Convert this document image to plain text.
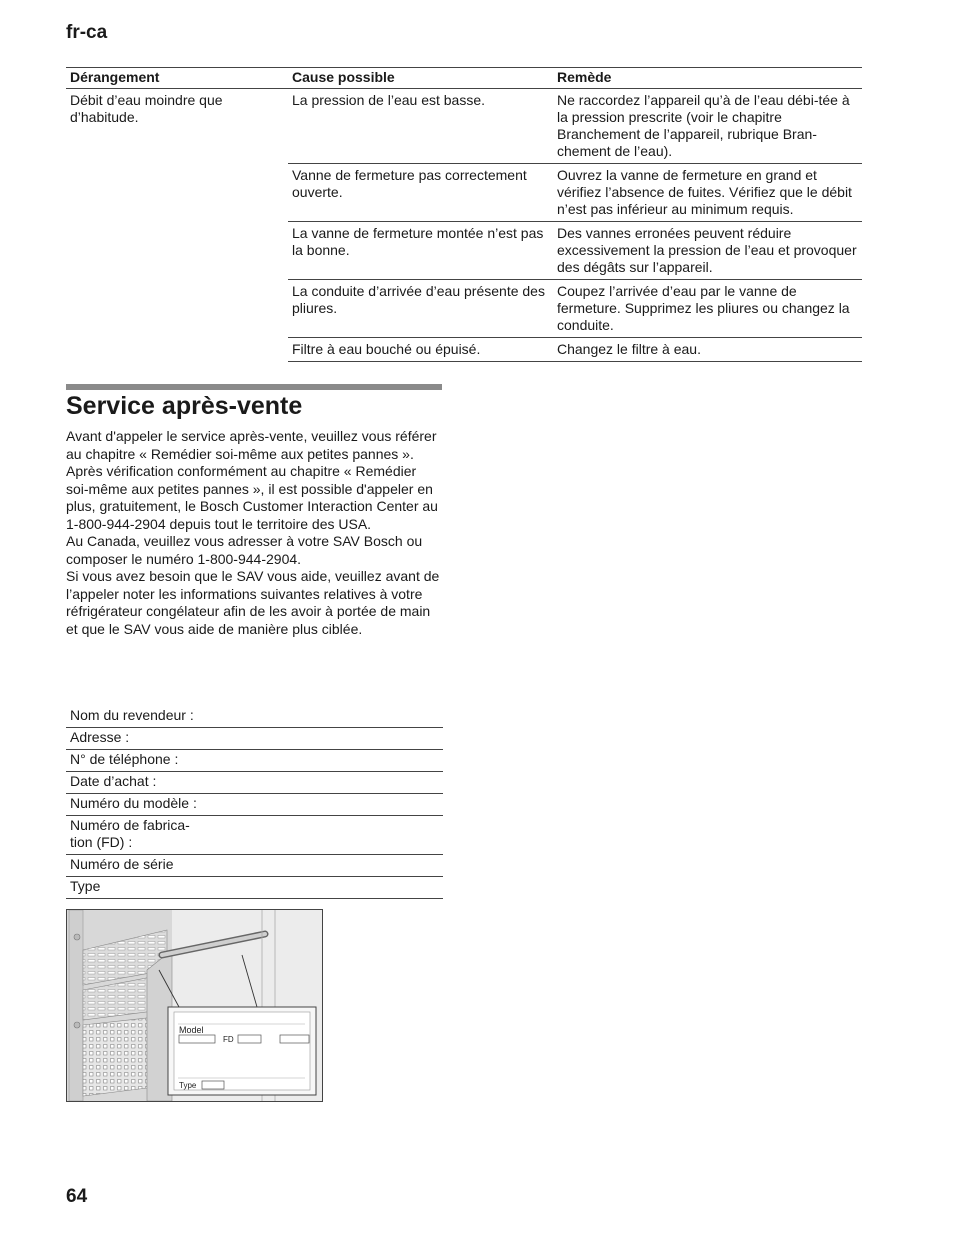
fr-ca
Dérangement	Cause possible	Remède
Débit d’eau moindre que d’habitude.	La pression de l’eau est basse.	Ne raccordez l’appareil qu’à de l’eau débi-tée à la pression prescrite (voir le chapitre Branchement de l’appareil, rubrique Bran-chement de l’eau).
	Vanne de fermeture pas correctement ouverte.	Ouvrez la vanne de fermeture en grand et vérifiez l’absence de fuites. Vérifiez que le débit n’est pas inférieur au minimum requis.
	La vanne de fermeture montée n’est pas la bonne.	Des vannes erronées peuvent réduire excessivement la pression de l’eau et provoquer des dégâts sur l’appareil.
	La conduite d’arrivée d’eau présente des pliures.	Coupez l’arrivée d’eau par le vanne de fermeture. Supprimez les pliures ou changez la conduite.
	Filtre à eau bouché ou épuisé.	Changez le filtre à eau.
Service après-vente

Avant d'appeler le service après-vente, veuillez vous référer au chapitre « Remédier soi-même aux petites pannes ».

Après vérification conformément au chapitre « Remédier soi-même aux petites pannes », il est possible d'appeler en plus, gratuitement, le Bosch Customer Interaction Center au 1-800-944-2904 depuis tout le territoire des USA.

Au Canada, veuillez vous adresser à votre SAV Bosch ou composer le numéro 1-800-944-2904.

Si vous avez besoin que le SAV vous aide, veuillez avant de l’appeler noter les informations suivantes relatives à votre réfrigérateur congélateur afin de les avoir à portée de main et que le SAV vous aide de manière plus ciblée.

Nom du revendeur :	
Adresse :	
N° de téléphone :	
Date d’achat :	
Numéro du modèle :	
Numéro de fabrica-tion (FD) :	
Numéro de série	
Type	
Model
FD
Type
64
